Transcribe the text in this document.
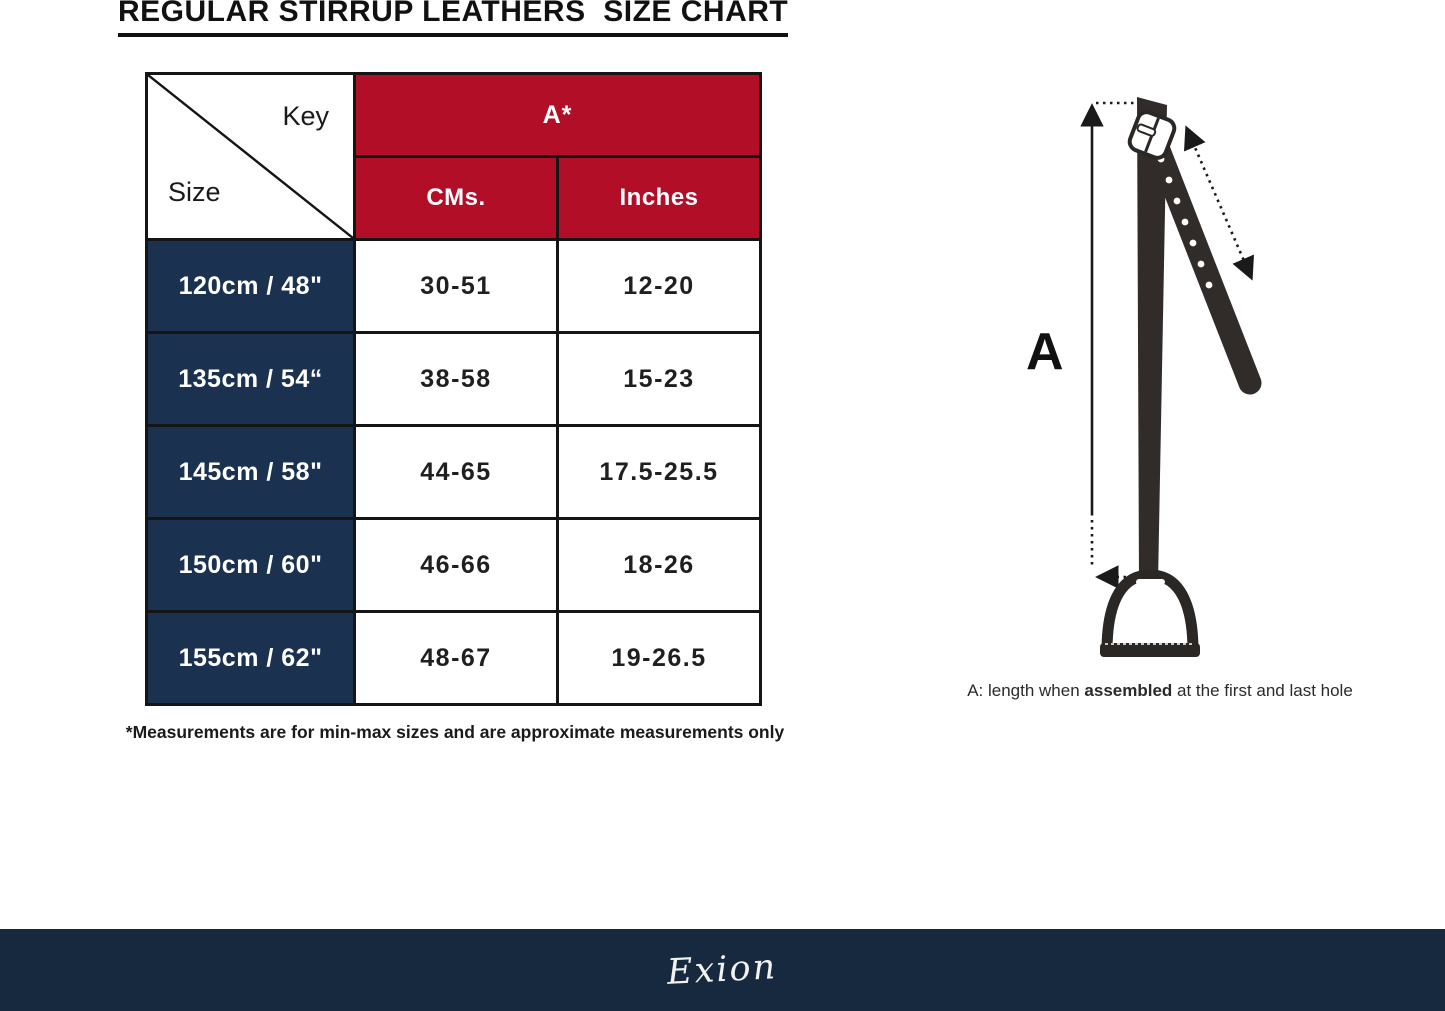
REGULAR STIRRUP LEATHERS  SIZE CHART
Key
Size	A*	
	CMs.	Inches
120cm / 48"	30-51	12-20
135cm / 54“	38-58	15-23
145cm / 58"	44-65	17.5-25.5
150cm / 60"	46-66	18-26
155cm / 62"	48-67	19-26.5

*Measurements are for min-max sizes and are approximate measurements only

A

A: length when assembled at the first and last hole

Exion
